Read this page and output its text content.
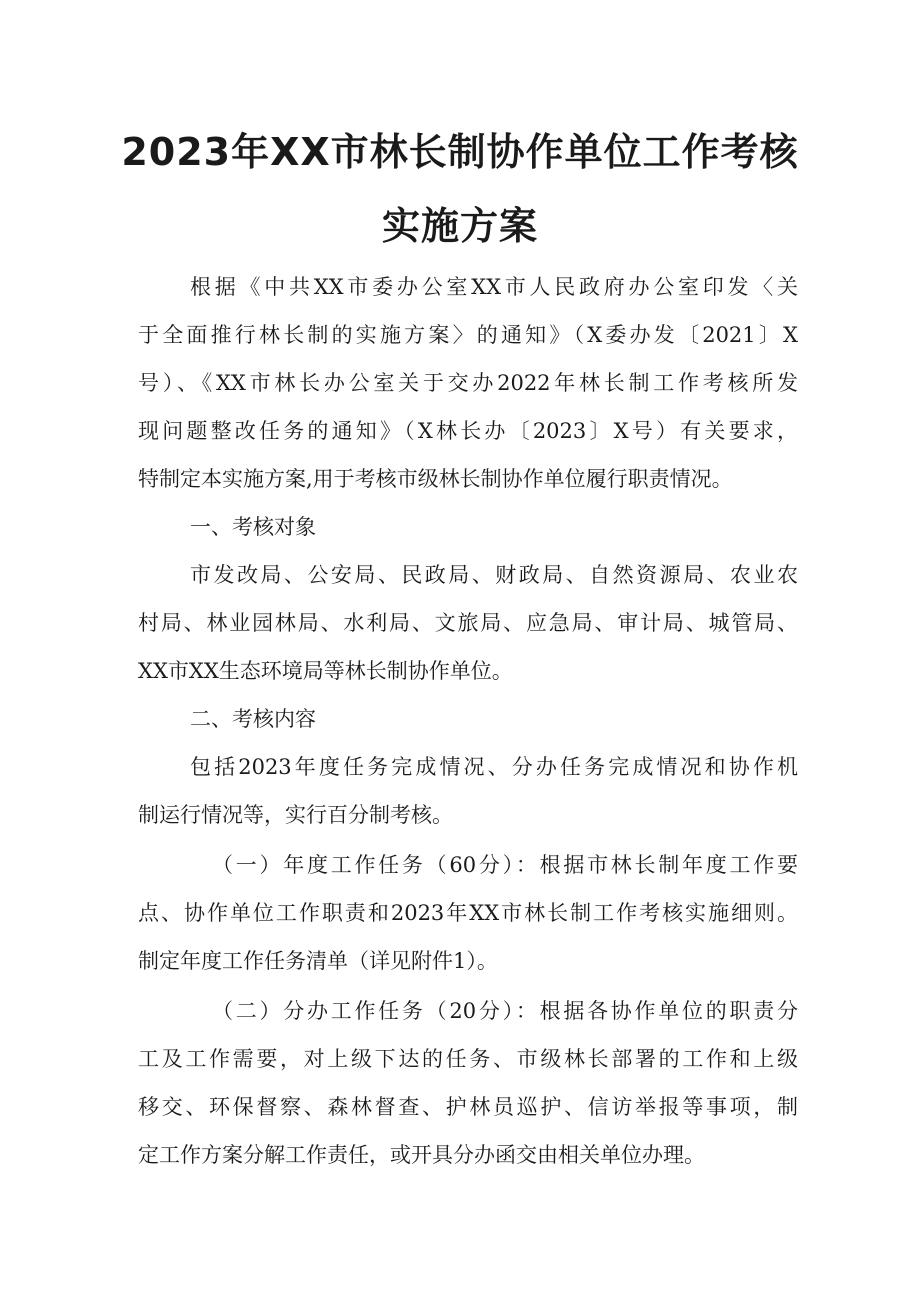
2023年XX市林长制协作单位工作考核
实施方案

根据《中共XX市委办公室XX市人民政府办公室印发〈关

于全面推行林长制的实施方案〉的通知》（X委办发〔2021〕X

号）、《XX市林长办公室关于交办2022年林长制工作考核所发

现问题整改任务的通知》（X林长办〔2023〕X号）有关要求，

特制定本实施方案,用于考核市级林长制协作单位履行职责情况。

一、考核对象

市发改局、公安局、民政局、财政局、自然资源局、农业农

村局、林业园林局、水利局、文旅局、应急局、审计局、城管局、

XX市XX生态环境局等林长制协作单位。

二、考核内容

包括2023年度任务完成情况、分办任务完成情况和协作机

制运行情况等，实行百分制考核。

（一）年度工作任务（60分）：根据市林长制年度工作要

点、协作单位工作职责和2023年XX市林长制工作考核实施细则。

制定年度工作任务清单（详见附件1）。

（二）分办工作任务（20分）：根据各协作单位的职责分

工及工作需要，对上级下达的任务、市级林长部署的工作和上级

移交、环保督察、森林督查、护林员巡护、信访举报等事项，制

定工作方案分解工作责任，或开具分办函交由相关单位办理。
